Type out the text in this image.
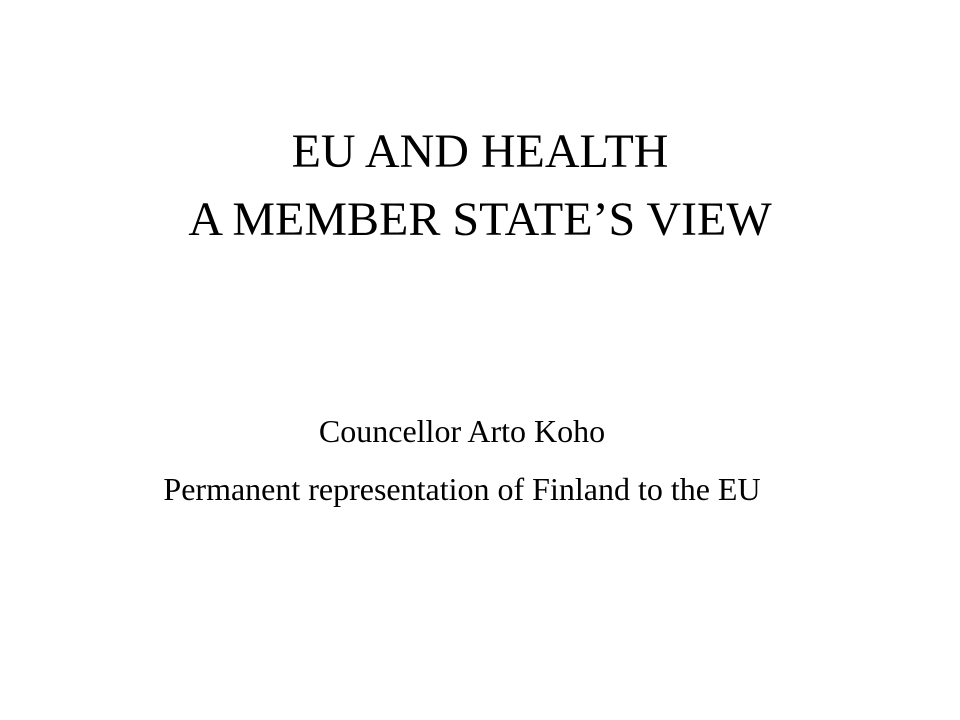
EU AND HEALTH
A MEMBER STATE’S VIEW
Councellor Arto Koho
Permanent representation of Finland to the EU
